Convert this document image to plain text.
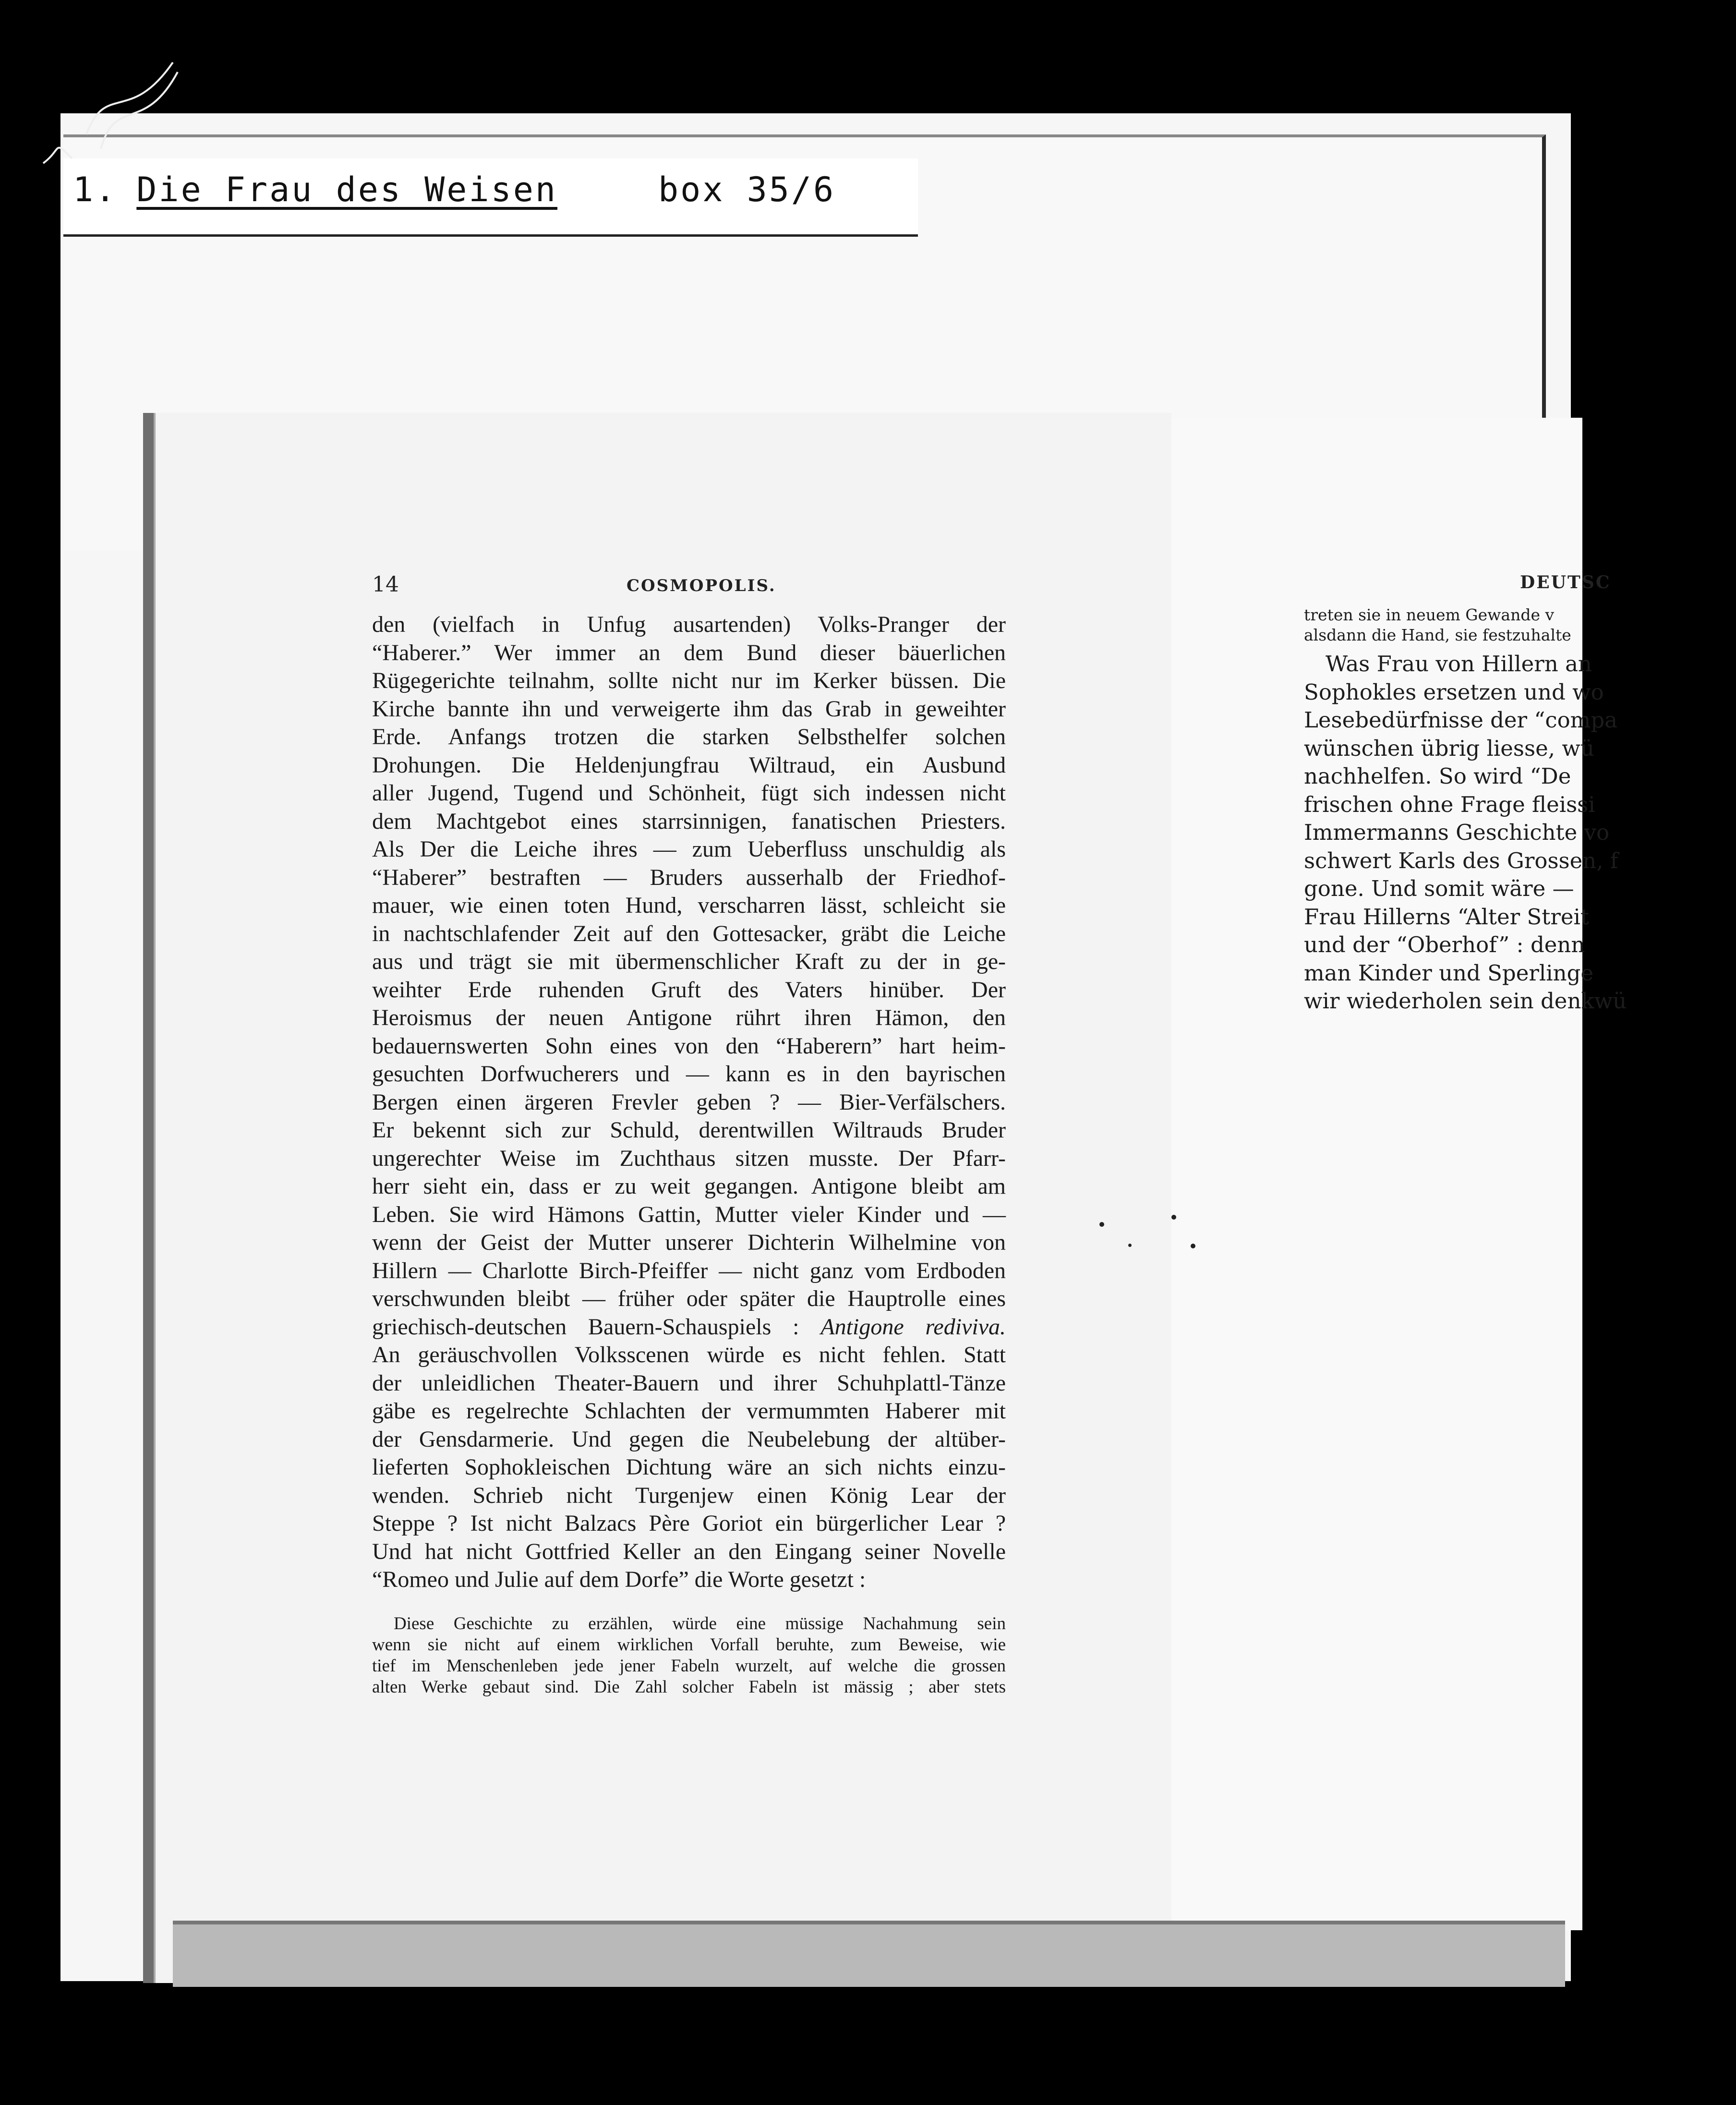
1. Die Frau des Weisen	box 35/6
DEUTSC
treten sie in neuem Gewande v
alsdann die Hand, sie festzuhalte
Was Frau von Hillern an
Sophokles ersetzen und wo
Lesebedürfnisse der “compa
wünschen übrig liesse, wü
nachhelfen. So wird “De
frischen ohne Frage fleissi
Immermanns Geschichte vo
schwert Karls des Grossen, f
gone. Und somit wäre —
Frau Hillerns “Alter Streit
und der “Oberhof” : denn
man Kinder und Sperlinge
wir wiederholen sein denkwü
14	COSMOPOLIS.
den (vielfach in Unfug ausartenden) Volks-Pranger der
“Haberer.” Wer immer an dem Bund dieser bäuerlichen
Rügegerichte teilnahm, sollte nicht nur im Kerker büssen. Die
Kirche bannte ihn und verweigerte ihm das Grab in geweihter
Erde. Anfangs trotzen die starken Selbsthelfer solchen
Drohungen. Die Heldenjungfrau Wiltraud, ein Ausbund
aller Jugend, Tugend und Schönheit, fügt sich indessen nicht
dem Machtgebot eines starrsinnigen, fanatischen Priesters.
Als Der die Leiche ihres — zum Ueberfluss unschuldig als
“Haberer” bestraften — Bruders ausserhalb der Friedhof-
mauer, wie einen toten Hund, verscharren lässt, schleicht sie
in nachtschlafender Zeit auf den Gottesacker, gräbt die Leiche
aus und trägt sie mit übermenschlicher Kraft zu der in ge-
weihter Erde ruhenden Gruft des Vaters hinüber. Der
Heroismus der neuen Antigone rührt ihren Hämon, den
bedauernswerten Sohn eines von den “Haberern” hart heim-
gesuchten Dorfwucherers und — kann es in den bayrischen
Bergen einen ärgeren Frevler geben ? — Bier-Verfälschers.
Er bekennt sich zur Schuld, derentwillen Wiltrauds Bruder
ungerechter Weise im Zuchthaus sitzen musste. Der Pfarr-
herr sieht ein, dass er zu weit gegangen. Antigone bleibt am
Leben. Sie wird Hämons Gattin, Mutter vieler Kinder und —
wenn der Geist der Mutter unserer Dichterin Wilhelmine von
Hillern — Charlotte Birch-Pfeiffer — nicht ganz vom Erdboden
verschwunden bleibt — früher oder später die Hauptrolle eines
griechisch-deutschen Bauern-Schauspiels : Antigone rediviva.
An geräuschvollen Volksscenen würde es nicht fehlen. Statt
der unleidlichen Theater-Bauern und ihrer Schuhplattl-Tänze
gäbe es regelrechte Schlachten der vermummten Haberer mit
der Gensdarmerie. Und gegen die Neubelebung der altüber-
lieferten Sophokleischen Dichtung wäre an sich nichts einzu-
wenden. Schrieb nicht Turgenjew einen König Lear der
Steppe ? Ist nicht Balzacs Père Goriot ein bürgerlicher Lear ?
Und hat nicht Gottfried Keller an den Eingang seiner Novelle
“Romeo und Julie auf dem Dorfe” die Worte gesetzt :
Diese Geschichte zu erzählen, würde eine müssige Nachahmung sein
wenn sie nicht auf einem wirklichen Vorfall beruhte, zum Beweise, wie
tief im Menschenleben jede jener Fabeln wurzelt, auf welche die grossen
alten Werke gebaut sind. Die Zahl solcher Fabeln ist mässig ; aber stets
